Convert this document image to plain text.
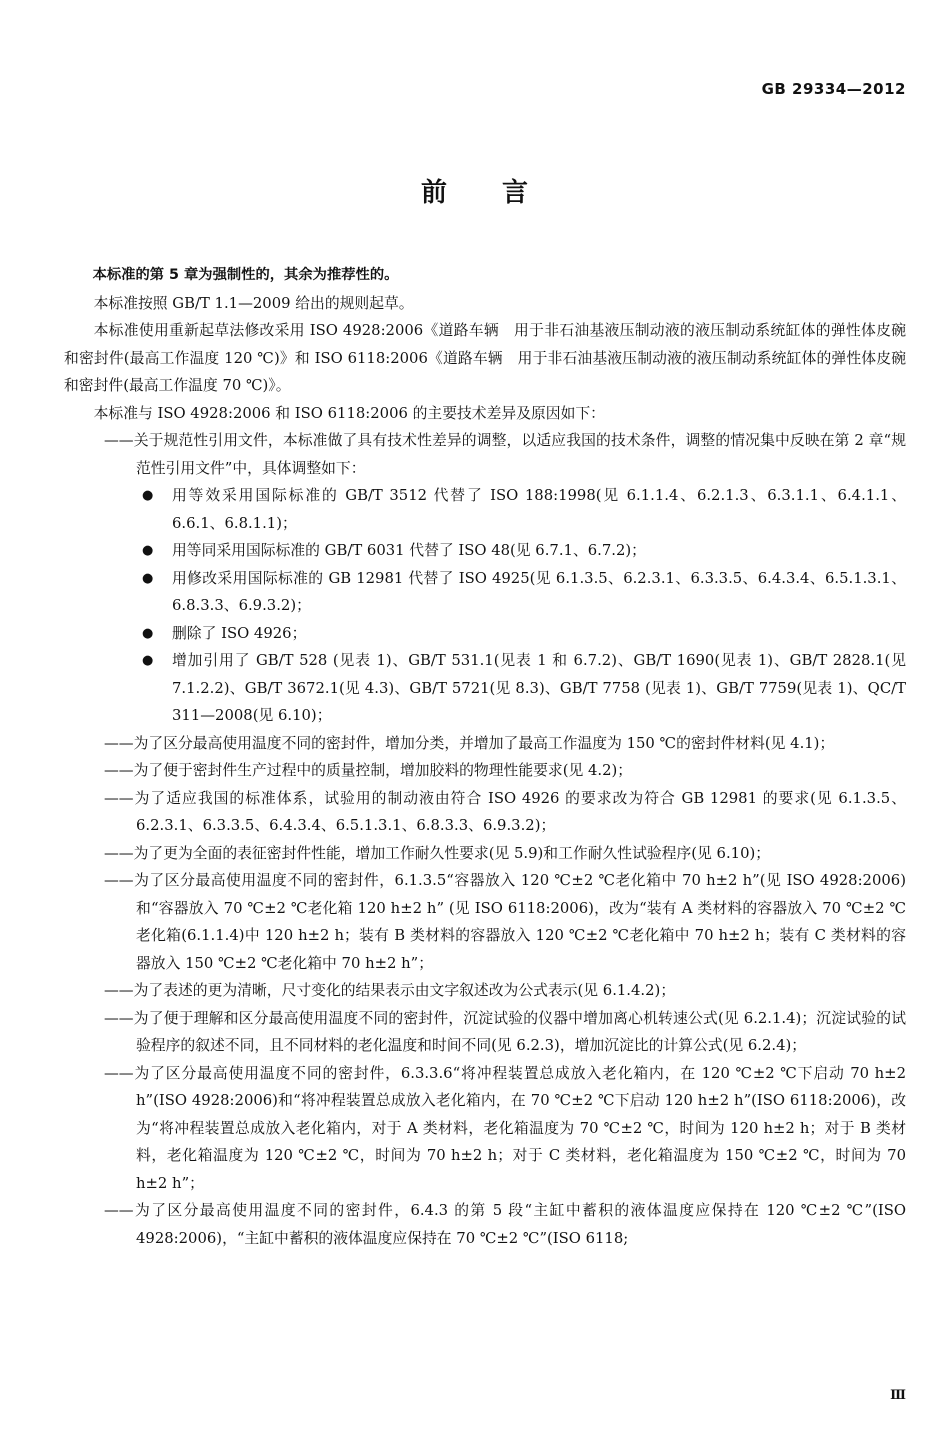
GB 29334—2012
前　　言

本标准的第 5 章为强制性的，其余为推荐性的。

本标准按照 GB/T 1.1—2009 给出的规则起草。

本标准使用重新起草法修改采用 ISO 4928:2006《道路车辆　用于非石油基液压制动液的液压制动系统缸体的弹性体皮碗和密封件(最高工作温度 120 ℃)》和 ISO 6118:2006《道路车辆　用于非石油基液压制动液的液压制动系统缸体的弹性体皮碗和密封件(最高工作温度 70 ℃)》。

本标准与 ISO 4928:2006 和 ISO 6118:2006 的主要技术差异及原因如下：

——关于规范性引用文件，本标准做了具有技术性差异的调整，以适应我国的技术条件，调整的情况集中反映在第 2 章“规范性引用文件”中，具体调整如下：

● 用等效采用国际标准的 GB/T 3512 代替了 ISO 188:1998(见 6.1.1.4、6.2.1.3、6.3.1.1、6.4.1.1、6.6.1、6.8.1.1)；

● 用等同采用国际标准的 GB/T 6031 代替了 ISO 48(见 6.7.1、6.7.2)；

● 用修改采用国际标准的 GB 12981 代替了 ISO 4925(见 6.1.3.5、6.2.3.1、6.3.3.5、6.4.3.4、6.5.1.3.1、6.8.3.3、6.9.3.2)；

● 删除了 ISO 4926；

● 增加引用了 GB/T 528 (见表 1)、GB/T 531.1(见表 1 和 6.7.2)、GB/T 1690(见表 1)、GB/T 2828.1(见 7.1.2.2)、GB/T 3672.1(见 4.3)、GB/T 5721(见 8.3)、GB/T 7758 (见表 1)、GB/T 7759(见表 1)、QC/T 311—2008(见 6.10)；

——为了区分最高使用温度不同的密封件，增加分类，并增加了最高工作温度为 150 ℃的密封件材料(见 4.1)；

——为了便于密封件生产过程中的质量控制，增加胶料的物理性能要求(见 4.2)；

——为了适应我国的标准体系，试验用的制动液由符合 ISO 4926 的要求改为符合 GB 12981 的要求(见 6.1.3.5、6.2.3.1、6.3.3.5、6.4.3.4、6.5.1.3.1、6.8.3.3、6.9.3.2)；

——为了更为全面的表征密封件性能，增加工作耐久性要求(见 5.9)和工作耐久性试验程序(见 6.10)；

——为了区分最高使用温度不同的密封件，6.1.3.5“容器放入 120 ℃±2 ℃老化箱中 70 h±2 h”(见 ISO 4928:2006)和“容器放入 70 ℃±2 ℃老化箱 120 h±2 h” (见 ISO 6118:2006)，改为“装有 A 类材料的容器放入 70 ℃±2 ℃老化箱(6.1.1.4)中 120 h±2 h；装有 B 类材料的容器放入 120 ℃±2 ℃老化箱中 70 h±2 h；装有 C 类材料的容器放入 150 ℃±2 ℃老化箱中 70 h±2 h”；

——为了表述的更为清晰，尺寸变化的结果表示由文字叙述改为公式表示(见 6.1.4.2)；

——为了便于理解和区分最高使用温度不同的密封件，沉淀试验的仪器中增加离心机转速公式(见 6.2.1.4)；沉淀试验的试验程序的叙述不同，且不同材料的老化温度和时间不同(见 6.2.3)，增加沉淀比的计算公式(见 6.2.4)；

——为了区分最高使用温度不同的密封件，6.3.3.6“将冲程装置总成放入老化箱内，在 120 ℃±2 ℃下启动 70 h±2 h”(ISO 4928:2006)和“将冲程装置总成放入老化箱内，在 70 ℃±2 ℃下启动 120 h±2 h”(ISO 6118:2006)，改为“将冲程装置总成放入老化箱内，对于 A 类材料，老化箱温度为 70 ℃±2 ℃，时间为 120 h±2 h；对于 B 类材料，老化箱温度为 120 ℃±2 ℃，时间为 70 h±2 h；对于 C 类材料，老化箱温度为 150 ℃±2 ℃，时间为 70 h±2 h”；

——为了区分最高使用温度不同的密封件，6.4.3 的第 5 段“主缸中蓄积的液体温度应保持在 120 ℃±2 ℃”(ISO 4928:2006)，“主缸中蓄积的液体温度应保持在 70 ℃±2 ℃”(ISO 6118;

Ⅲ
